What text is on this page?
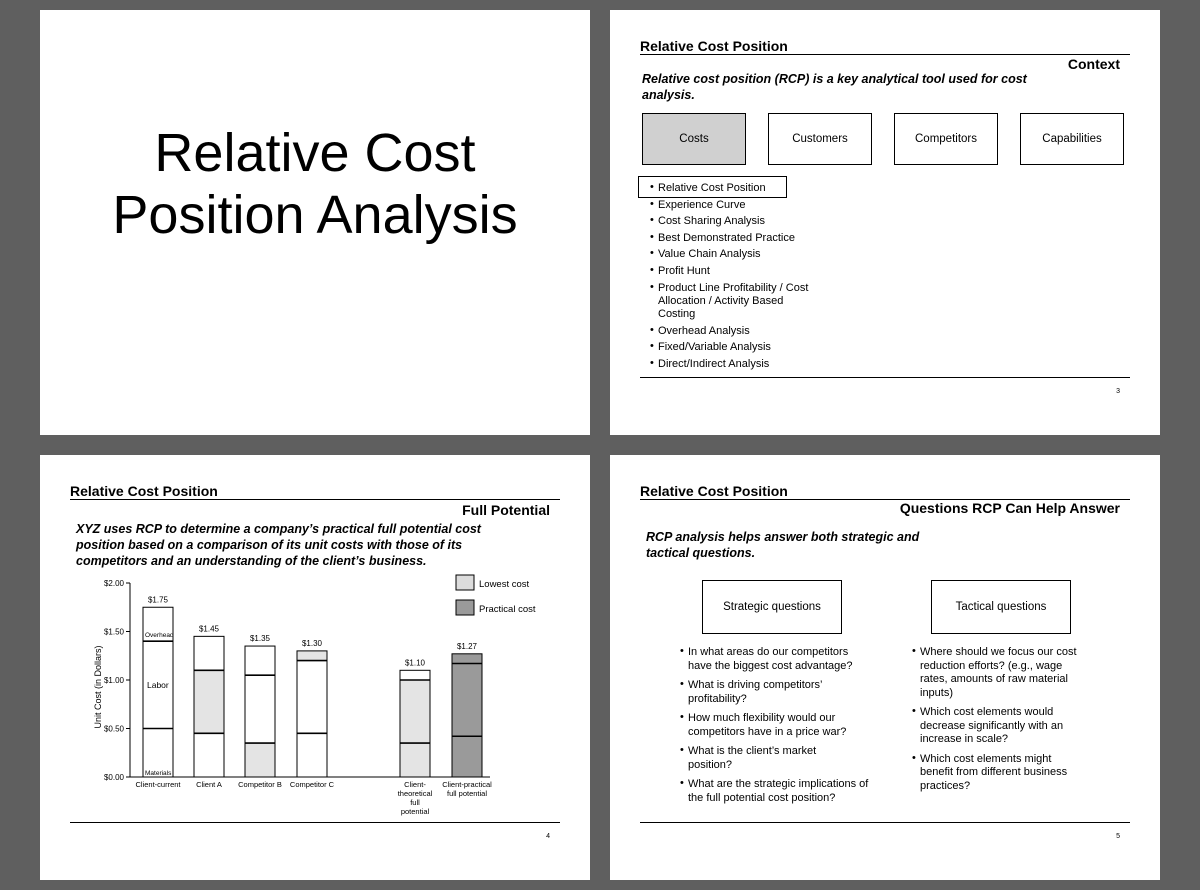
Relative Cost
Position Analysis
Relative Cost Position
Context
Relative cost position (RCP) is a key analytical tool used for cost analysis.
Costs	Customers	Competitors	Capabilities
• Relative Cost Position
• Experience Curve
• Cost Sharing Analysis
• Best Demonstrated Practice
• Value Chain Analysis
• Profit Hunt
• Product Line Profitability / Cost Allocation / Activity Based Costing
• Overhead Analysis
• Fixed/Variable Analysis
• Direct/Indirect Analysis
3
Relative Cost Position
Full Potential
XYZ uses RCP to determine a company’s practical full potential cost position based on a comparison of its unit costs with those of its competitors and an understanding of the client’s business.
Unit Cost (in Dollars)
$0.00
$0.50
$1.00
$1.50
$2.00
$1.75
$1.45
$1.35
$1.30
$1.10
$1.27
Materials
Labor
Overhead
Client-current Client A Competitor B Competitor C	Client-
theoretical
full
potential
Client-practical
full potential
Lowest cost
Practical cost
4
Relative Cost Position
Questions RCP Can Help Answer
RCP analysis helps answer both strategic and tactical questions.
Strategic questions	Tactical questions
• In what areas do our competitors have the biggest cost advantage?
• What is driving competitors’ profitability?
• How much flexibility would our competitors have in a price war?
• What is the client’s market position?
• What are the strategic implications of the full potential cost position?
• Where should we focus our cost reduction efforts? (e.g., wage rates, amounts of raw material inputs)
• Which cost elements would decrease significantly with an increase in scale?
• Which cost elements might benefit from different business practices?
5
